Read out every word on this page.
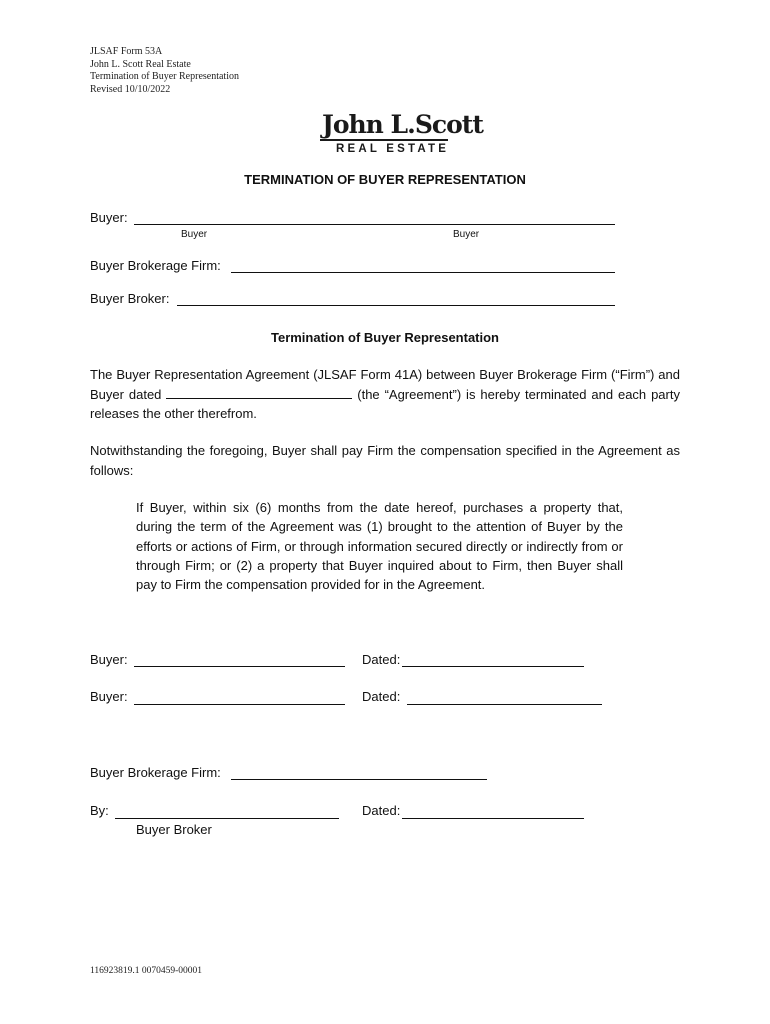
JLSAF Form 53A
John L. Scott Real Estate
Termination of Buyer Representation
Revised 10/10/2022
John L.Scott
REAL ESTATE
TERMINATION OF BUYER REPRESENTATION
Buyer:
Buyer	Buyer
Buyer Brokerage Firm:
Buyer Broker:
Termination of Buyer Representation
The Buyer Representation Agreement (JLSAF Form 41A) between Buyer Brokerage Firm (“Firm”) and Buyer dated	(the “Agreement”) is hereby terminated and each party releases the other therefrom.
Notwithstanding the foregoing, Buyer shall pay Firm the compensation specified in the Agreement as follows:
If Buyer, within six (6) months from the date hereof, purchases a property that, during the term of the Agreement was (1) brought to the attention of Buyer by the efforts or actions of Firm, or through information secured directly or indirectly from or through Firm; or (2) a property that Buyer inquired about to Firm, then Buyer shall pay to Firm the compensation provided for in the Agreement.
Buyer:	Dated:
Buyer:	Dated:
Buyer Brokerage Firm:
By:	Dated:
Buyer Broker
116923819.1 0070459-00001
